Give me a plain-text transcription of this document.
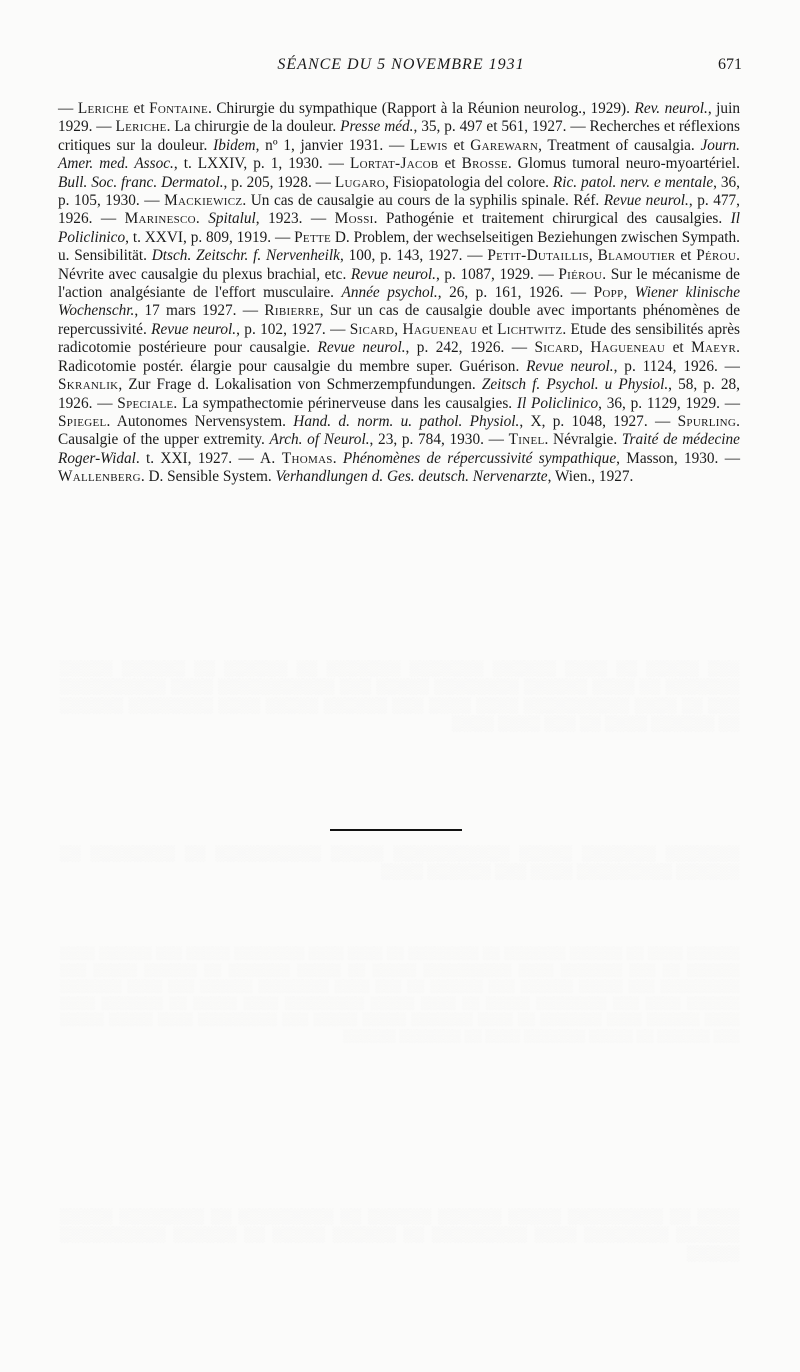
SÉANCE DU 5 NOVEMBRE 1931	671

— Leriche et Fontaine. Chirurgie du sympathique (Rapport à la Réunion neurolog., 1929). Rev. neurol., juin 1929. — Leriche. La chirurgie de la douleur. Presse méd., 35, p. 497 et 561, 1927. — Recherches et réflexions critiques sur la douleur. Ibidem, nº 1, janvier 1931. — Lewis et Garewarn, Treatment of causalgia. Journ. Amer. med. Assoc., t. LXXIV, p. 1, 1930. — Lortat-Jacob et Brosse. Glomus tumoral neuro-myoartériel. Bull. Soc. franc. Dermatol., p. 205, 1928. — Lugaro, Fisiopatologia del colore. Ric. patol. nerv. e mentale, 36, p. 105, 1930. — Mackiewicz. Un cas de causalgie au cours de la syphilis spinale. Réf. Revue neurol., p. 477, 1926. — Marinesco. Spitalul, 1923. — Mossi. Pathogénie et traitement chirurgical des causalgies. Il Policlinico, t. XXVI, p. 809, 1919. — Pette D. Problem, der wechselseitigen Beziehungen zwischen Sympath. u. Sensibilität. Dtsch. Zeitschr. f. Nervenheilk, 100, p. 143, 1927. — Petit-Dutaillis, Blamoutier et Pérou. Névrite avec causalgie du plexus brachial, etc. Revue neurol., p. 1087, 1929. — Piérou. Sur le mécanisme de l'action analgésiante de l'effort musculaire. Année psychol., 26, p. 161, 1926. — Popp, Wiener klinische Wochenschr., 17 mars 1927. — Ribierre, Sur un cas de causalgie double avec importants phénomènes de repercussivité. Revue neurol., p. 102, 1927. — Sicard, Hagueneau et Lichtwitz. Etude des sensibilités après radicotomie postérieure pour causalgie. Revue neurol., p. 242, 1926. — Sicard, Hagueneau et Maeyr. Radicotomie postér. élargie pour causalgie du membre super. Guérison. Revue neurol., p. 1124, 1926. — Skranlik, Zur Frage d. Lokalisation von Schmerzempfundungen. Zeitsch f. Psychol. u Physiol., 58, p. 28, 1926. — Speciale. La sympathectomie périnerveuse dans les causalgies. Il Policlinico, 36, p. 1129, 1929. — Spiegel. Autonomes Nervensystem. Hand. d. norm. u. pathol. Physiol., X, p. 1048, 1927. — Spurling. Causalgie of the upper extremity. Arch. of Neurol., 23, p. 784, 1930. — Tinel. Névralgie. Traité de médecine Roger-Widal. t. XXI, 1927. — A. Thomas. Phénomènes de répercussivité sympathique, Masson, 1930. — Wallenberg. D. Sensible System. Verhandlungen d. Ges. deutsch. Nervenarzte, Wien., 1927.

░░░ ░░░░░ ░░ ░░░░ ░░░░░░ ░░░░░░░ ░░░░░░░ ░░ ░░░░░░ ░░ ░░░░░░ ░░░░░ ░░░░░░░ ░░ ░░░░ ░░░░░░ ░░░░░░░░ ░░░░░ ░░░ ░░░░░░░░░░░ ░░░░ ░░░░░░░░░░ ░░░ ░░ ░░░░ ░░░░░░░░░░ ░░░░ ░░░░ ░░░ ░░░░░░ ░░░░░ ░░░░ ░░░░░░░░ ░░░░░░ ░░ ░░░░░░ ░░░░ ░░ ░░░ ░░░░ ░░░░
░░░░░░░ ░░░░░░░ ░░░░░ ░░░░░░░░░░░ ░░░░░ ░░░░░░░░░░ ░░ ░░░░░░░░ ░░ ░░░░░░ ░░░░░░░░░ ░░░░ ░░░ ░░░░░░ ░░░░
░░░░░░ ░░░░ ░░ ░░░░░░ ░░░░░░░ ░░ ░░░░░░░░ ░░ ░░░░ ░░░░ ░░░░░░░░ ░░░░░ ░░░ ░░░░░░ ░░░░ ░░░░░░ ░░ ░░░ ░░░░░░░ ░░░░ ░░░░░░░░░░ ░░░░░ ░░ ░░░░░ ░░░░░░░ ░░ ░░░░░░ ░░░░░ ░░░ ░░░░░░░░░ ░░░ ░░░░░ ░░░░░░ ░░░ ░░░░░░ ░░ ░░░ ░░░░ ░░░░░░░░ ░░░░░░ ░░░ ░░░░ ░░░░░░░ ░░░░░░ ░░░░ ░░░ ░░░░░░░░ ░░░░░ ░░ ░░░░ ░░░░░ ░░░░░░░░░ ░░░░ ░░░░░ ░░ ░░░░░░░ ░░░░ ░░░░ ░░░░░░ ░░░░ ░░░░░░░ ░░ ░░░░ ░░░░░░░ ░░░░░ ░░░░░ ░░░ ░░░░░░░░░ ░░░░ ░░░░░ ░░░░░ ░░░ ░░░░░░ ░░ ░░░░░ ░░░░░░░ ░░░░ ░░ ░░░░░░░ ░░░░░░
░░░░ ░░ ░░░░░░░░░ ░░░░░ ░░░░░░ ░░░░░░ ░░ ░░░░░░░░░ ░░ ░░░░░░░░ ░░░░░ ░░░░░░ ░░░░░░░░ ░░░░ ░░░░░░░░░ ░░ ░░░░░░ ░░░░░ ░░ ░░░░░░ ░░░░░░░░░░ ░░░░░
